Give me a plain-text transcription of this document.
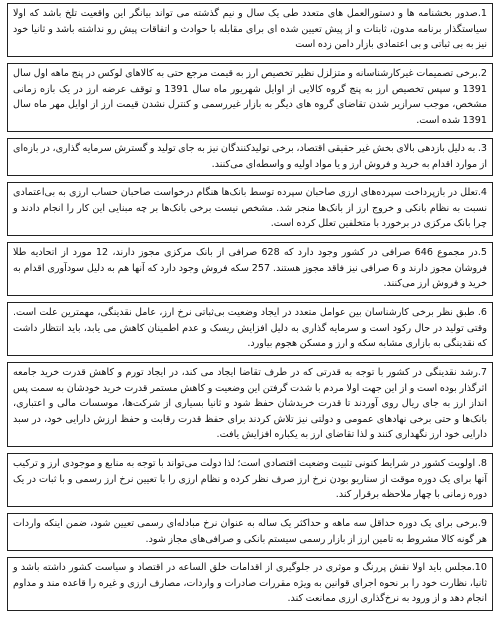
1.صدور بخشنامه ها و دستورالعمل های متعدد طی یک سال و نیم گذشته می تواند بیانگر این واقعیت تلخ باشد که اولا سیاستگذار برنامه مدون، ثابتات و از پیش تعیین شده ای برای مقابله با حوادث و اتفاقات پیش رو نداشته باشد و ثانیا خود نیز به بی ثباتی و بی اعتمادی بازار دامن زده است

2.برخی تصمیمات غیرکارشناسانه و متزلزل نظیر تخصیص ارز به قیمت مرجع حتی به کالاهای لوکس در پنج ماهه اول سال 1391 و سپس تخصیص ارز به پنج گروه کالایی از اوایل شهریور ماه سال 1391 و توقف عرضه ارز در یک بازه زمانی مشخص، موجب سرازیر شدن تقاضای گروه های دیگر به بازار غیررسمی و کنترل نشدن قیمت ارز از اوایل مهر ماه سال 1391 شده است.

3. به دلیل بازدهی بالای بخش غیر حقیقی اقتصاد، برخی تولیدکنندگان نیز به جای تولید و گسترش سرمایه گذاری، در بازه‌ای از موارد اقدام به خرید و فروش ارز و یا مواد اولیه و واسطه‌ای می‌کنند.

4.تعلل در بازپرداخت سپرده‌های ارزی صاحبان سپرده توسط بانک‌ها هنگام درخواست صاحبان حساب ارزی به بی‌اعتمادی نسبت به نظام بانکی و خروج ارز از بانک‌ها منجر شد. مشخص نیست برخی بانک‌ها بر چه مبنایی این کار را انجام دادند و چرا بانک مرکزی در برخورد با متخلفین تعلل کرده است.

5.در مجموع 646 صرافی در کشور وجود دارد که 628 صرافی از بانک مرکزی مجوز دارند، 12 مورد از اتحادیه طلا فروشان مجوز دارند و 6 صرافی نیز فاقد مجوز هستند. 257 سکه فروش وجود دارد که آنها هم به دلیل سودآوری اقدام به خرید و فروش ارز می‌کنند.

6. طبق نظر برخی کارشناسان بین عوامل متعدد در ایجاد وضعیت بی‌ثباتی نرخ ارز، عامل نقدینگی، مهمترین علت است. وقتی تولید در حال رکود است و سرمایه گذاری به دلیل افزایش ریسک و عدم اطمینان کاهش می یابد، باید انتظار داشت که نقدینگی به بازاری مشابه سکه و ارز و مسکن هجوم بیاورد.

7.رشد نقدینگی در کشور با توجه به قدرتی که در طرف تقاضا ایجاد می کند، در ایجاد تورم و کاهش قدرت خرید جامعه اثرگذار بوده است و از این جهت اولا مردم با شدت گرفتن این وضعیت و کاهش مستمر قدرت خرید خودشان به سمت پس انداز ارز به جای ریال روی آوردند تا قدرت خریدشان حفظ شود و ثانیا بسیاری از شرکت‌ها، موسسات مالی و اعتباری، بانک‌ها و حتی برخی نهادهای عمومی و دولتی نیز تلاش کردند برای حفظ قدرت رقابت و حفظ ارزش دارایی خود، در سبد دارایی خود ارز نگهداری کنند و لذا تقاضای ارز به یکباره افزایش یافت.

8. اولویت کشور در شرایط کنونی تثبیت وضعیت اقتصادی است؛ لذا دولت می‌تواند با توجه به منابع و موجودی ارز و ترکیب آنها برای یک دوره موقت از سناریو بودن نرخ ارز صرف نظر کرده و نظام ارزی را با تعیین نرخ ارز رسمی و با ثبات در یک دوره زمانی با چهار ملاحظه برقرار کند.

9.برخی برای یک دوره حداقل سه ماهه و حداکثر یک ساله به عنوان نرخ مبادله‌ای رسمی تعیین شود، ضمن اینکه واردات هر گونه کالا مشروط به تامین ارز از بازار رسمی سیستم بانکی و صرافی‌های مجاز شود.

10.مجلس باید اولا نقش پررنگ و موثری در جلوگیری از اقدامات خلق الساعه در اقتصاد و سیاست کشور داشته باشد و ثانیا، نظارت خود را بر نحوه اجرای قوانین به ویژه مقررات صادرات و واردات، مصارف ارزی و غیره را قاعده مند و مداوم انجام دهد و از ورود به نرخ‌گذاری ارزی ممانعت کند.
